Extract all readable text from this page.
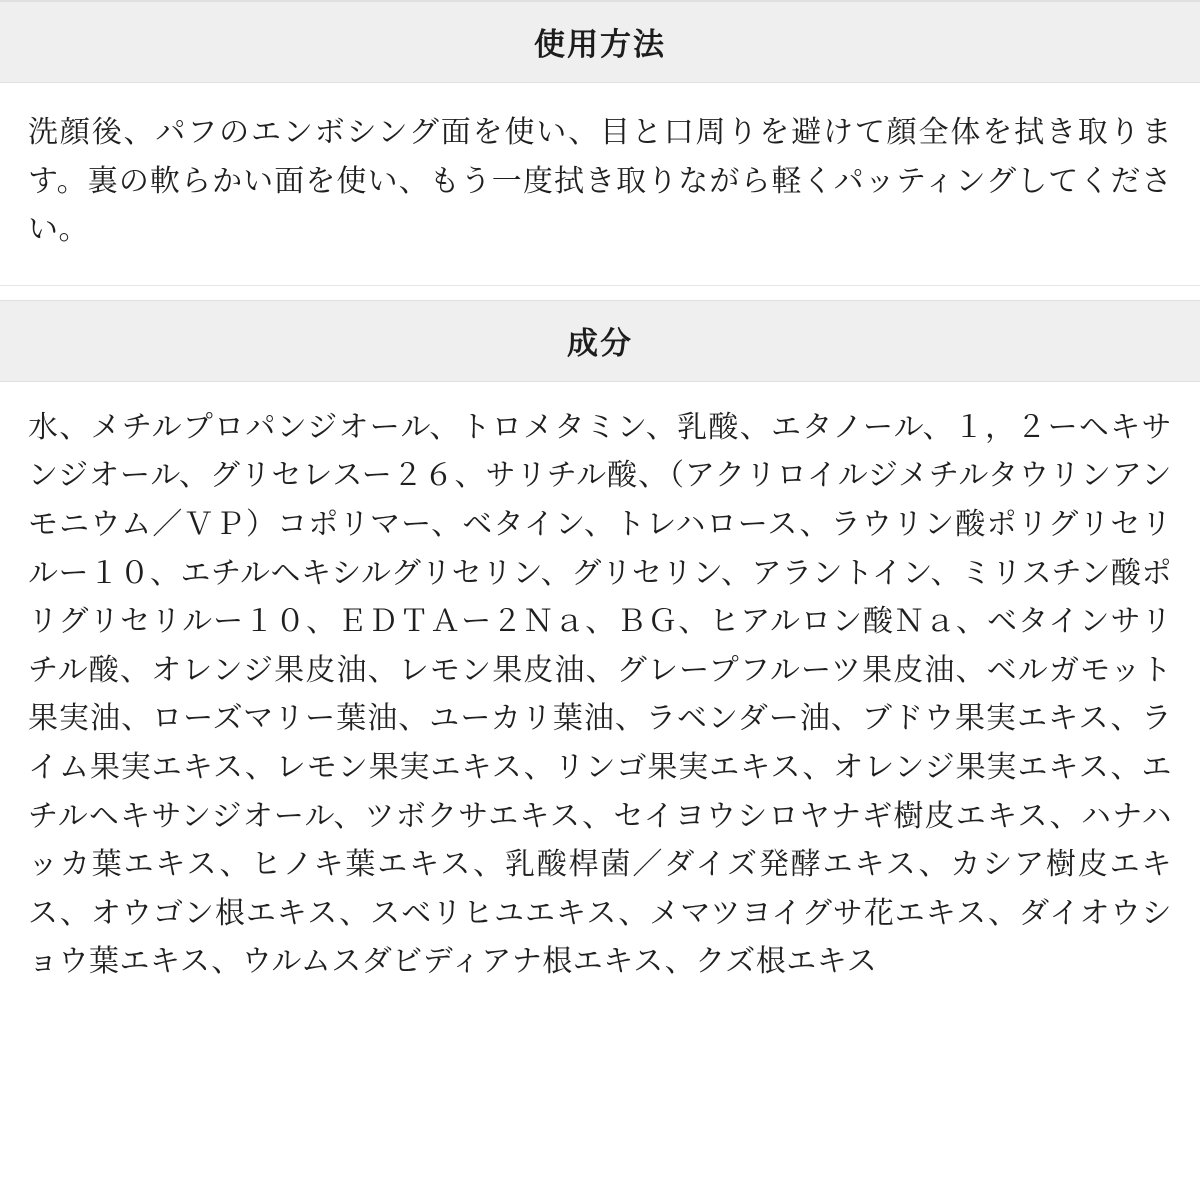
使用方法
洗顔後、パフのエンボシング面を使い、目と口周りを避けて顔全体を拭き取ります。裏の軟らかい面を使い、もう一度拭き取りながら軽くパッティングしてください。
成分
水、メチルプロパンジオール、トロメタミン、乳酸、エタノール、１，２ーヘキサンジオール、グリセレスー２６、サリチル酸、（アクリロイルジメチルタウリンアンモニウム／ＶＰ）コポリマー、ベタイン、トレハロース、ラウリン酸ポリグリセリルー１０、エチルヘキシルグリセリン、グリセリン、アラントイン、ミリスチン酸ポリグリセリルー１０、ＥＤＴＡー２Ｎａ、ＢＧ、ヒアルロン酸Ｎａ、ベタインサリチル酸、オレンジ果皮油、レモン果皮油、グレープフルーツ果皮油、ベルガモット果実油、ローズマリー葉油、ユーカリ葉油、ラベンダー油、ブドウ果実エキス、ライム果実エキス、レモン果実エキス、リンゴ果実エキス、オレンジ果実エキス、エチルヘキサンジオール、ツボクサエキス、セイヨウシロヤナギ樹皮エキス、ハナハッカ葉エキス、ヒノキ葉エキス、乳酸桿菌／ダイズ発酵エキス、カシア樹皮エキス、オウゴン根エキス、スベリヒユエキス、メマツヨイグサ花エキス、ダイオウショウ葉エキス、ウルムスダビディアナ根エキス、クズ根エキス
